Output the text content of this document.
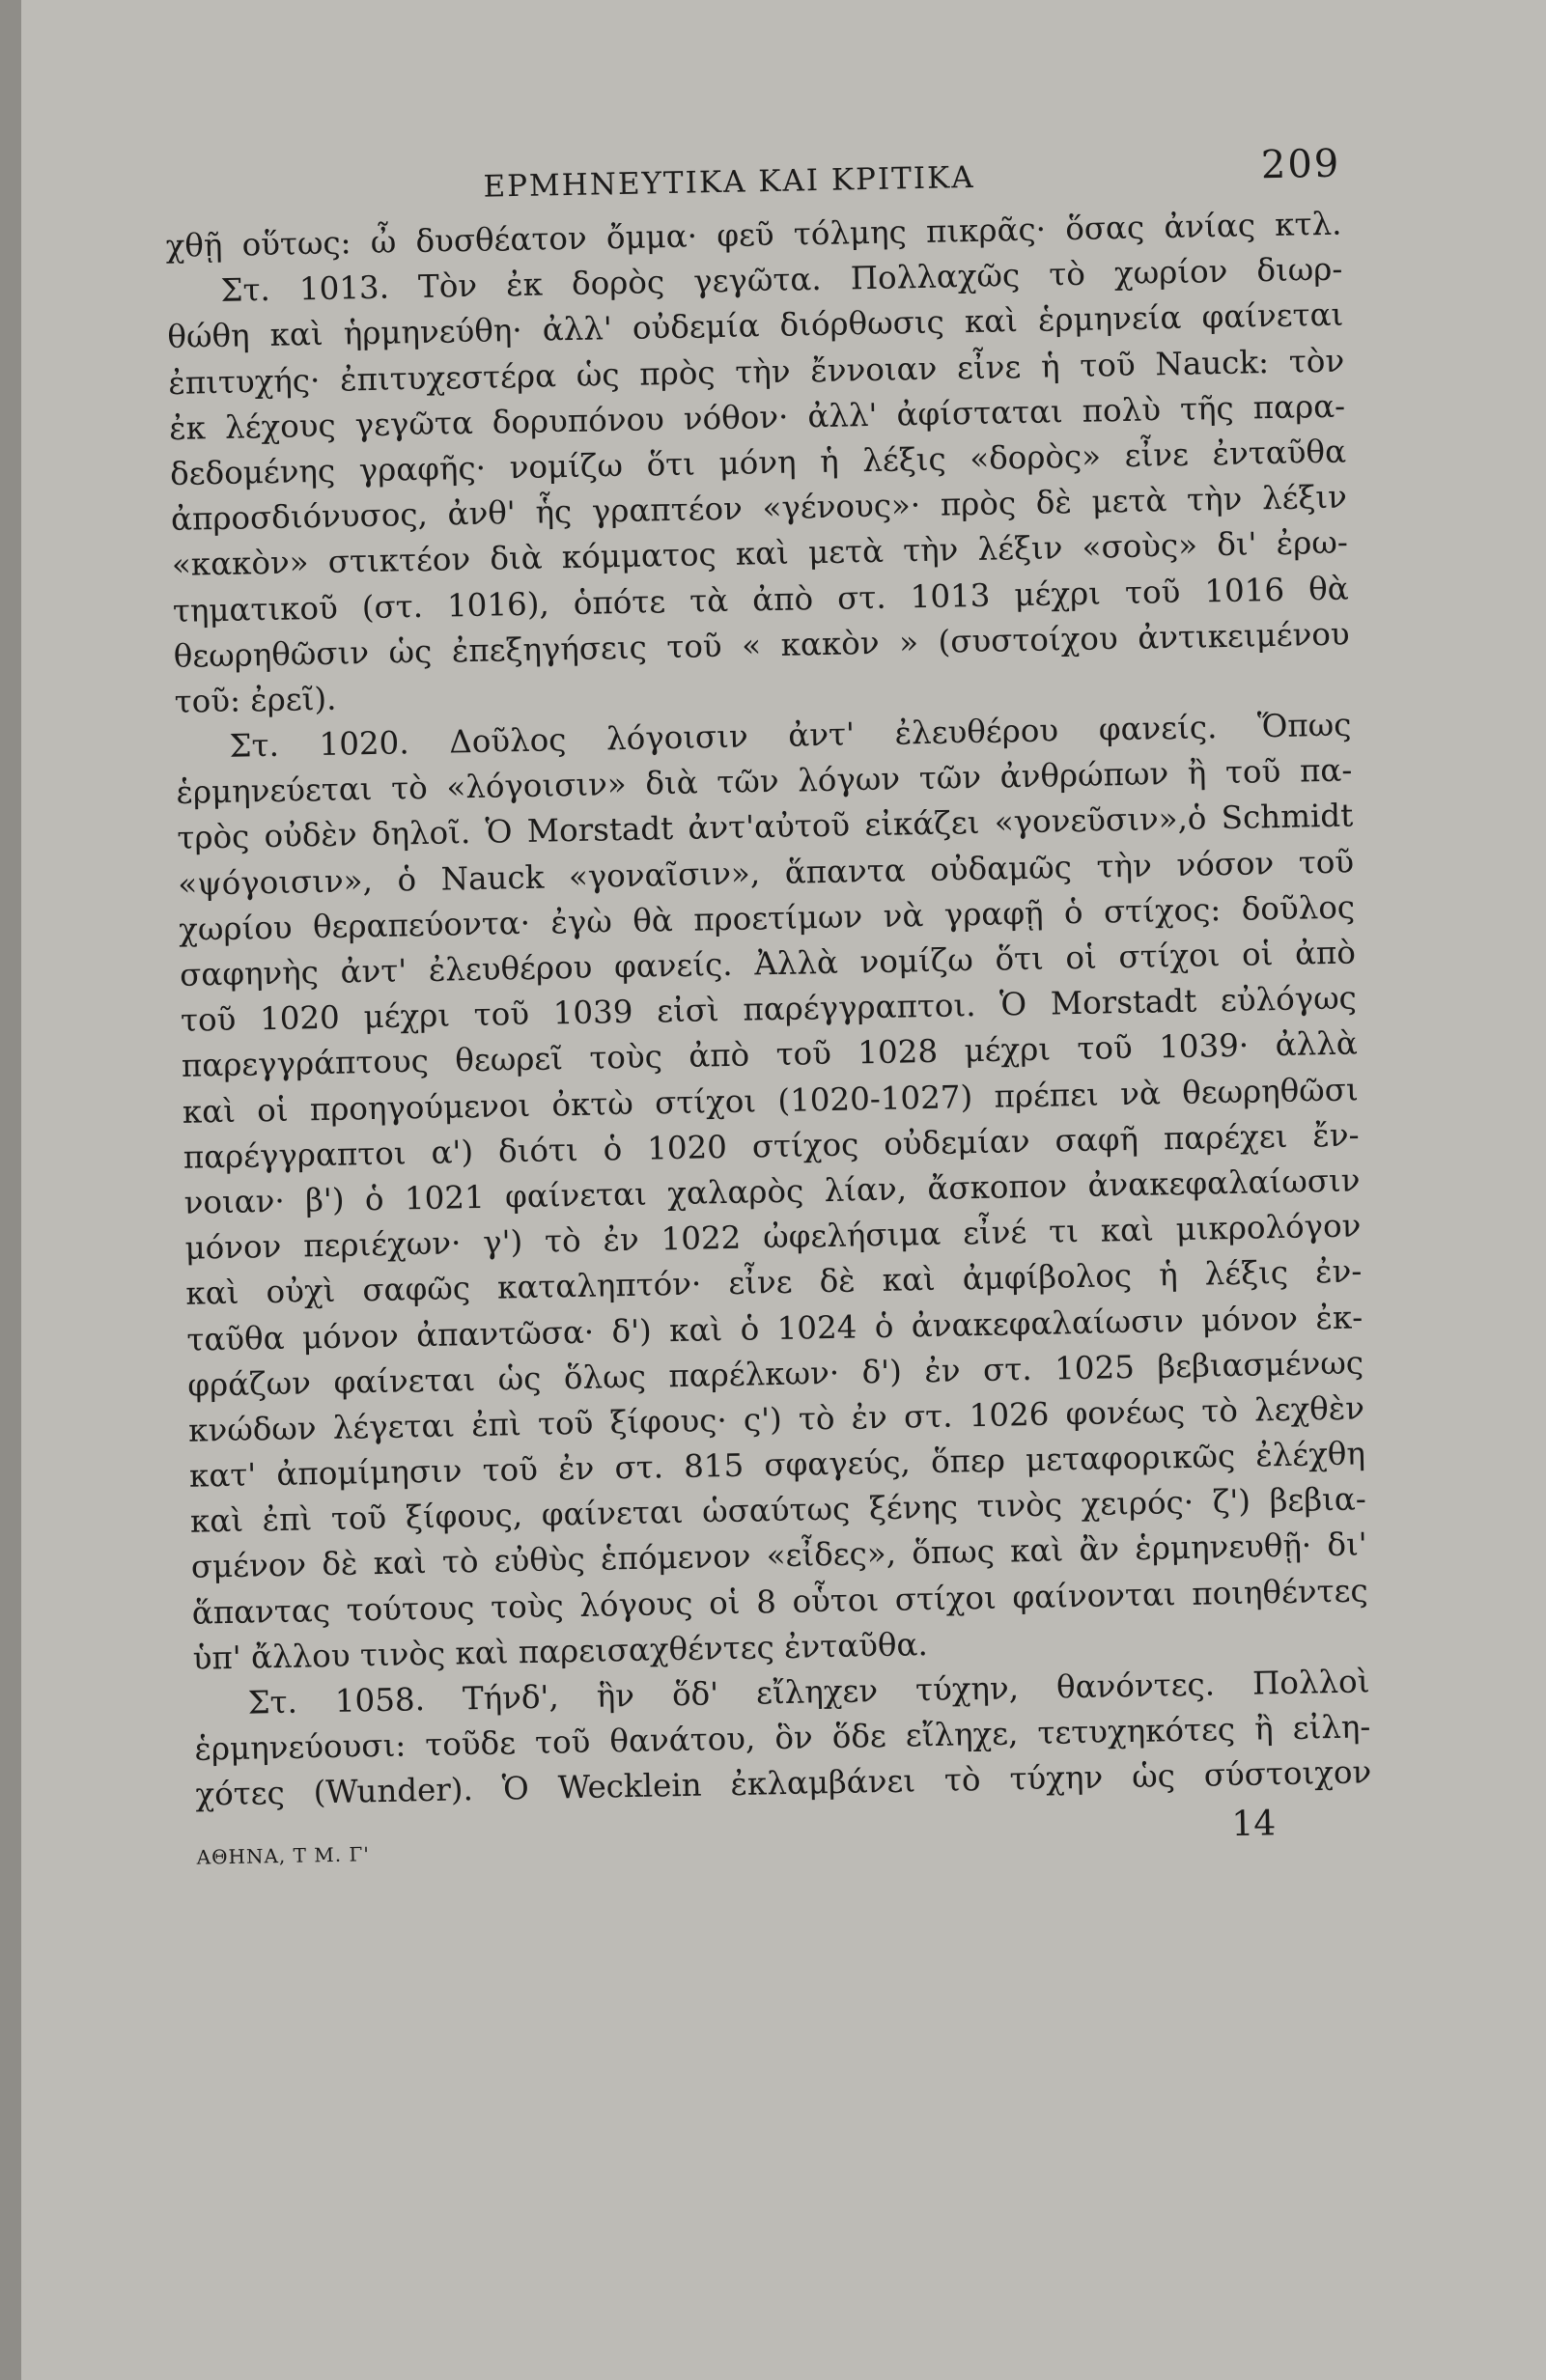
ΕΡΜΗΝΕΥΤΙΚΑ ΚΑΙ ΚΡΙΤΙΚΑ	209
χθῇ οὕτως: ὦ δυσθέατον ὄμμα· φεῦ τόλμης πικρᾶς· ὅσας ἀνίας κτλ.
Στ. 1013. Τὸν ἐκ δορὸς γεγῶτα. Πολλαχῶς τὸ χωρίον διωρ-
θώθη καὶ ἡρμηνεύθη· ἀλλ' οὐδεμία διόρθωσις καὶ ἑρμηνεία φαίνεται
ἐπιτυχής· ἐπιτυχεστέρα ὡς πρὸς τὴν ἔννοιαν εἶνε ἡ τοῦ Nauck: τὸν
ἐκ λέχους γεγῶτα δορυπόνου νόθον· ἀλλ' ἀφίσταται πολὺ τῆς παρα-
δεδομένης γραφῆς· νομίζω ὅτι μόνη ἡ λέξις «δορὸς» εἶνε ἐνταῦθα
ἀπροσδιόνυσος, ἀνθ' ἧς γραπτέον «γένους»· πρὸς δὲ μετὰ τὴν λέξιν
«κακὸν» στικτέον διὰ κόμματος καὶ μετὰ τὴν λέξιν «σοὺς» δι' ἐρω-
τηματικοῦ (στ. 1016), ὁπότε τὰ ἀπὸ στ. 1013 μέχρι τοῦ 1016 θὰ
θεωρηθῶσιν ὡς ἐπεξηγήσεις τοῦ « κακὸν » (συστοίχου ἀντικειμένου
τοῦ: ἐρεῖ).
Στ. 1020. Δοῦλος λόγοισιν ἀντ' ἐλευθέρου φανείς. Ὅπως
ἑρμηνεύεται τὸ «λόγοισιν» διὰ τῶν λόγων τῶν ἀνθρώπων ἢ τοῦ πα-
τρὸς οὐδὲν δηλοῖ. Ὁ Morstadt ἀντ'αὐτοῦ εἰκάζει «γονεῦσιν»,ὁ Schmidt
«ψόγοισιν», ὁ Nauck «γοναῖσιν», ἅπαντα οὐδαμῶς τὴν νόσον τοῦ
χωρίου θεραπεύοντα· ἐγὼ θὰ προετίμων νὰ γραφῇ ὁ στίχος: δοῦλος
σαφηνὴς ἀντ' ἐλευθέρου φανείς. Ἀλλὰ νομίζω ὅτι οἱ στίχοι οἱ ἀπὸ
τοῦ 1020 μέχρι τοῦ 1039 εἰσὶ παρέγγραπτοι. Ὁ Morstadt εὐλόγως
παρεγγράπτους θεωρεῖ τοὺς ἀπὸ τοῦ 1028 μέχρι τοῦ 1039· ἀλλὰ
καὶ οἱ προηγούμενοι ὀκτὼ στίχοι (1020-1027) πρέπει νὰ θεωρηθῶσι
παρέγγραπτοι α') διότι ὁ 1020 στίχος οὐδεμίαν σαφῆ παρέχει ἔν-
νοιαν· β') ὁ 1021 φαίνεται χαλαρὸς λίαν, ἄσκοπον ἀνακεφαλαίωσιν
μόνον περιέχων· γ') τὸ ἐν 1022 ὠφελήσιμα εἶνέ τι καὶ μικρολόγον
καὶ οὐχὶ σαφῶς καταληπτόν· εἶνε δὲ καὶ ἀμφίβολος ἡ λέξις ἐν-
ταῦθα μόνον ἀπαντῶσα· δ') καὶ ὁ 1024 ὁ ἀνακεφαλαίωσιν μόνον ἐκ-
φράζων φαίνεται ὡς ὅλως παρέλκων· δ') ἐν στ. 1025 βεβιασμένως
κνώδων λέγεται ἐπὶ τοῦ ξίφους· ς') τὸ ἐν στ. 1026 φονέως τὸ λεχθὲν
κατ' ἀπομίμησιν τοῦ ἐν στ. 815 σφαγεύς, ὅπερ μεταφορικῶς ἐλέχθη
καὶ ἐπὶ τοῦ ξίφους, φαίνεται ὡσαύτως ξένης τινὸς χειρός· ζ') βεβια-
σμένον δὲ καὶ τὸ εὐθὺς ἑπόμενον «εἶδες», ὅπως καὶ ἂν ἑρμηνευθῇ· δι'
ἅπαντας τούτους τοὺς λόγους οἱ 8 οὗτοι στίχοι φαίνονται ποιηθέντες
ὑπ' ἄλλου τινὸς καὶ παρεισαχθέντες ἐνταῦθα.
Στ. 1058. Τήνδ', ἣν ὅδ' εἴληχεν τύχην, θανόντες. Πολλοὶ
ἑρμηνεύουσι: τοῦδε τοῦ θανάτου, ὃν ὅδε εἴληχε, τετυχηκότες ἢ εἰλη-
χότες (Wunder). Ὁ Wecklein ἐκλαμβάνει τὸ τύχην ὡς σύστοιχον
ΑΘΗΝΑ, Τ Μ. Γ'
14
